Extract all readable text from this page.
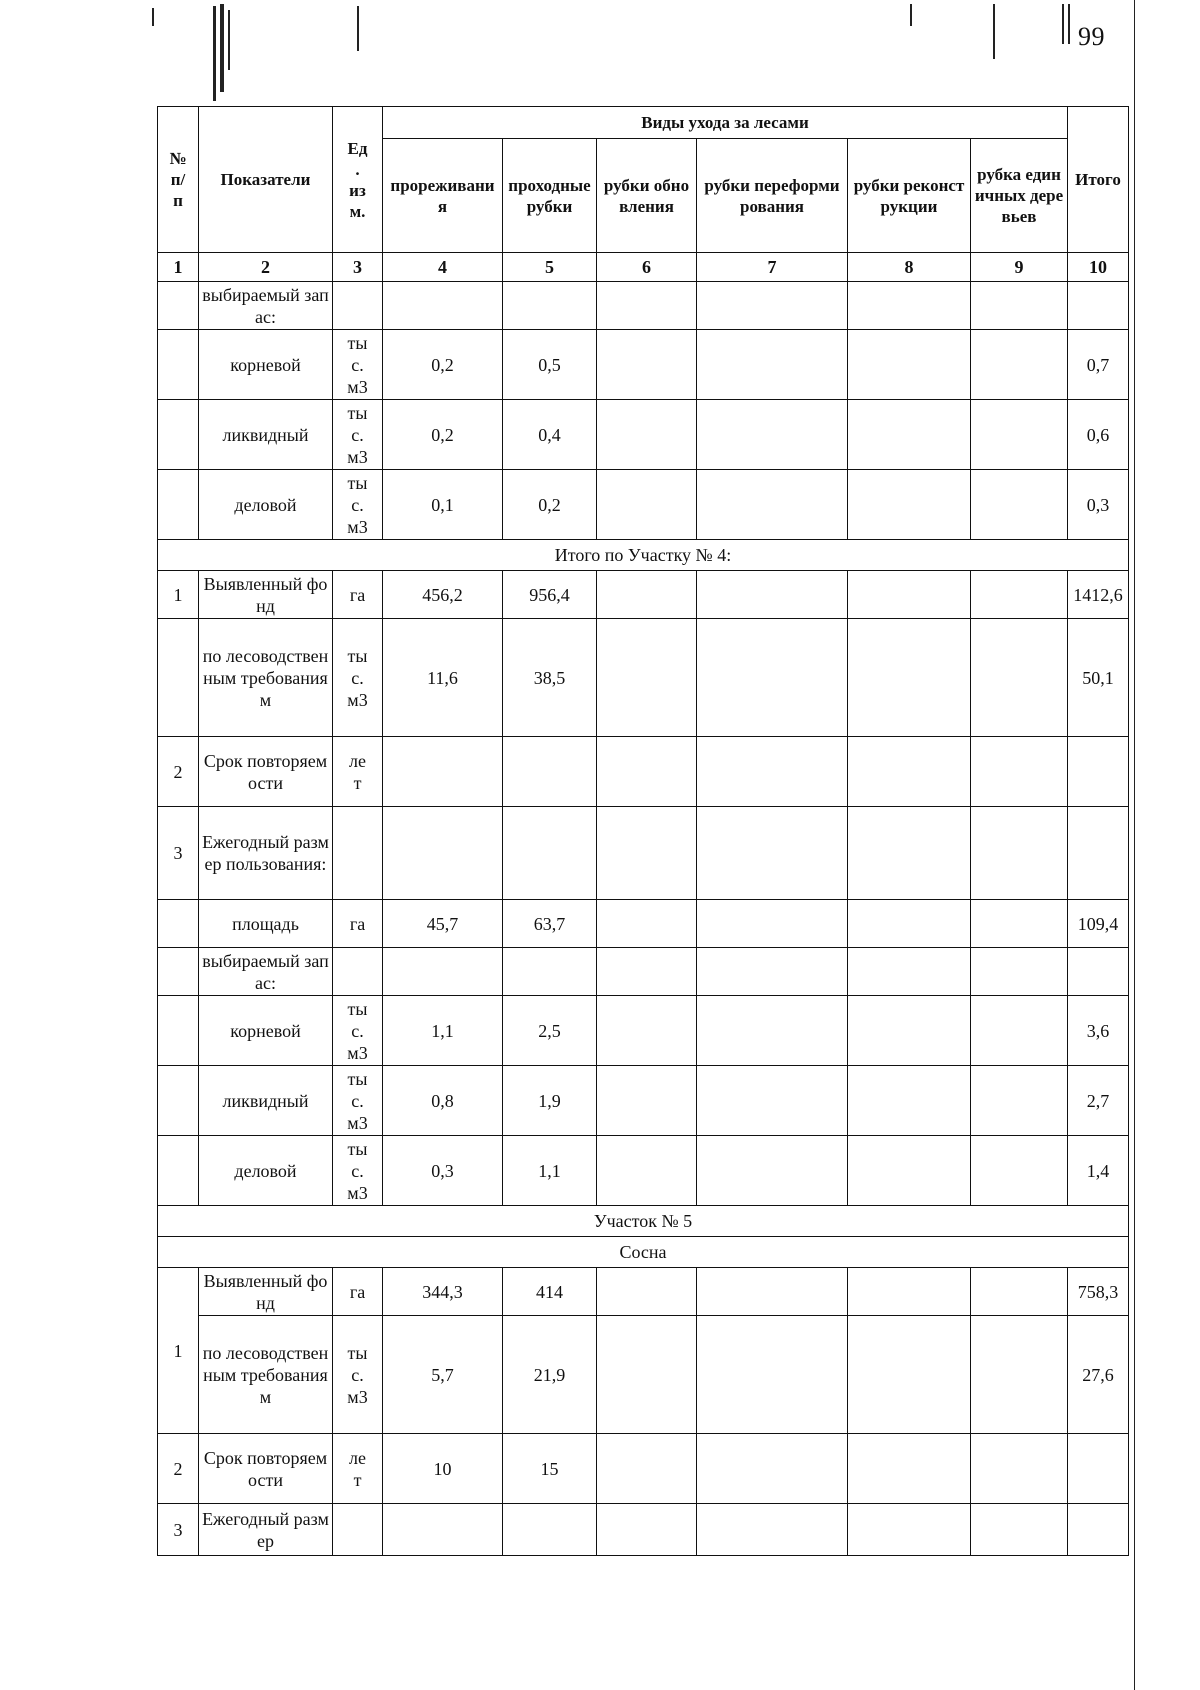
99
№
п/
п	Показатели	Ед
.
из
м.	Виды ухода за лесами						Итого
			прореживания	проходные рубки	рубки обновления	рубки переформирования	рубки реконструкции	рубка единичных деревьев	
1	2	3	4	5	6	7	8	9	10
	выбираемый запас:								
	корневой	ты
с.
м3	0,2	0,5					0,7
	ликвидный	ты
с.
м3	0,2	0,4					0,6
	деловой	ты
с.
м3	0,1	0,2					0,3
Итого по Участку № 4:									
1	Выявленный фонд	га	456,2	956,4					1412,6
	по лесоводственным требованиям	ты
с.
м3	11,6	38,5					50,1
2	Срок повторяемости	ле
т							
3	Ежегодный размер пользования:								
	площадь	га	45,7	63,7					109,4
	выбираемый запас:								
	корневой	ты
с.
м3	1,1	2,5					3,6
	ликвидный	ты
с.
м3	0,8	1,9					2,7
	деловой	ты
с.
м3	0,3	1,1					1,4
Участок № 5									
Сосна									
1	Выявленный фонд	га	344,3	414					758,3
	по лесоводственным требованиям	ты
с.
м3	5,7	21,9					27,6
2	Срок повторяемости	ле
т	10	15					
3	Ежегодный размер								
